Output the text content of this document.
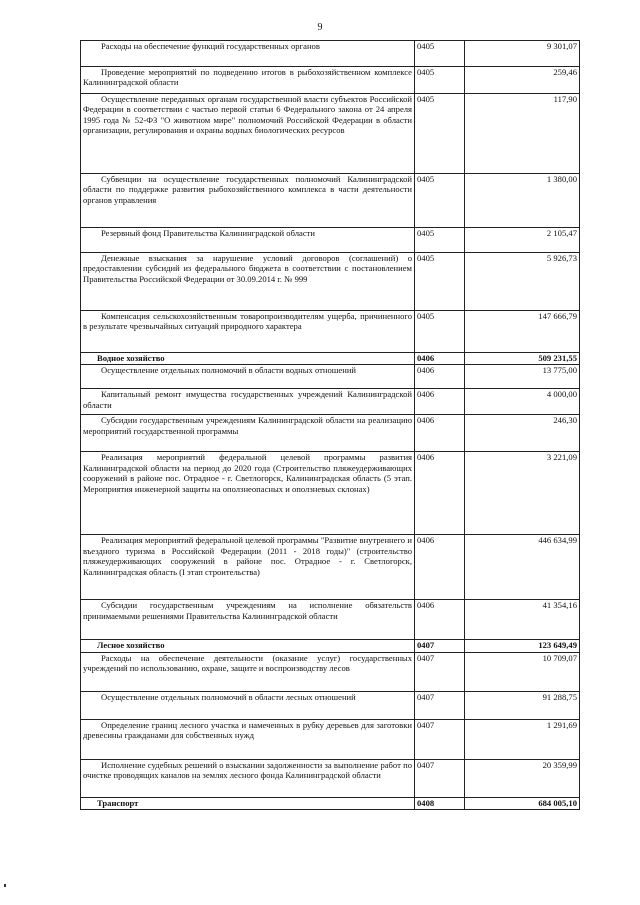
9
Расходы на обеспечение функций государственных органов	0405	9 301,07
Проведение мероприятий по подведению итогов в рыбохозяйственном комплексе Калининградской области	0405	259,46
Осуществление переданных органам государственной власти субъектов Российской Федерации в соответствии с частью первой статьи 6 Федерального закона от 24 апреля 1995 года № 52-ФЗ "О животном мире" полномочий Российской Федерации в области организации, регулирования и охраны водных биологических ресурсов	0405	117,90
Субвенции на осуществление государственных полномочий Калининградской области по поддержке развития рыбохозяйственного комплекса в части деятельности органов управления	0405	1 380,00
Резервный фонд Правительства Калининградской области	0405	2 105,47
Денежные взыскания за нарушение условий договоров (соглашений) о предоставлении субсидий из федерального бюджета в соответствии с постановлением Правительства Российской Федерации от 30.09.2014 г. № 999	0405	5 926,73
Компенсация сельскохозяйственным товаропроизводителям ущерба, причиненного в результате чрезвычайных ситуаций природного характера	0405	147 666,79
Водное хозяйство	0406	509 231,55
Осуществление отдельных полномочий в области водных отношений	0406	13 775,00
Капитальный ремонт имущества государственных учреждений Калининградской области	0406	4 000,00
Субсидии государственным учреждениям Калининградской области на реализацию мероприятий государственной программы	0406	246,30
Реализация мероприятий федеральной целевой программы развития Калининградской области на период до 2020 года (Строительство пляжеудерживающих сооружений в районе пос. Отрадное - г. Светлогорск, Калининградская область (5 этап. Мероприятия инженерной защиты на оползнеопасных и оползневых склонах)	0406	3 221,09
Реализация мероприятий федеральной целевой программы "Развитие внутреннего и въездного туризма в Российской Федерации (2011 - 2018 годы)" (строительство пляжеудерживающих сооружений в районе пос. Отрадное - г. Светлогорск, Калининградская область (I этап строительства)	0406	446 634,99
Субсидии государственным учреждениям на исполнение обязательств принимаемыми решениями Правительства Калининградской области	0406	41 354,16
Лесное хозяйство	0407	123 649,49
Расходы на обеспечение деятельности (оказание услуг) государственных учреждений по использованию, охране, защите и воспроизводству лесов	0407	10 709,07
Осуществление отдельных полномочий в области лесных отношений	0407	91 288,75
Определение границ лесного участка и намеченных в рубку деревьев для заготовки древесины гражданами для собственных нужд	0407	1 291,69
Исполнение судебных решений о взыскании задолженности за выполнение работ по очистке проводящих каналов на землях лесного фонда Калининградской области	0407	20 359,99
Транспорт	0408	684 005,10
